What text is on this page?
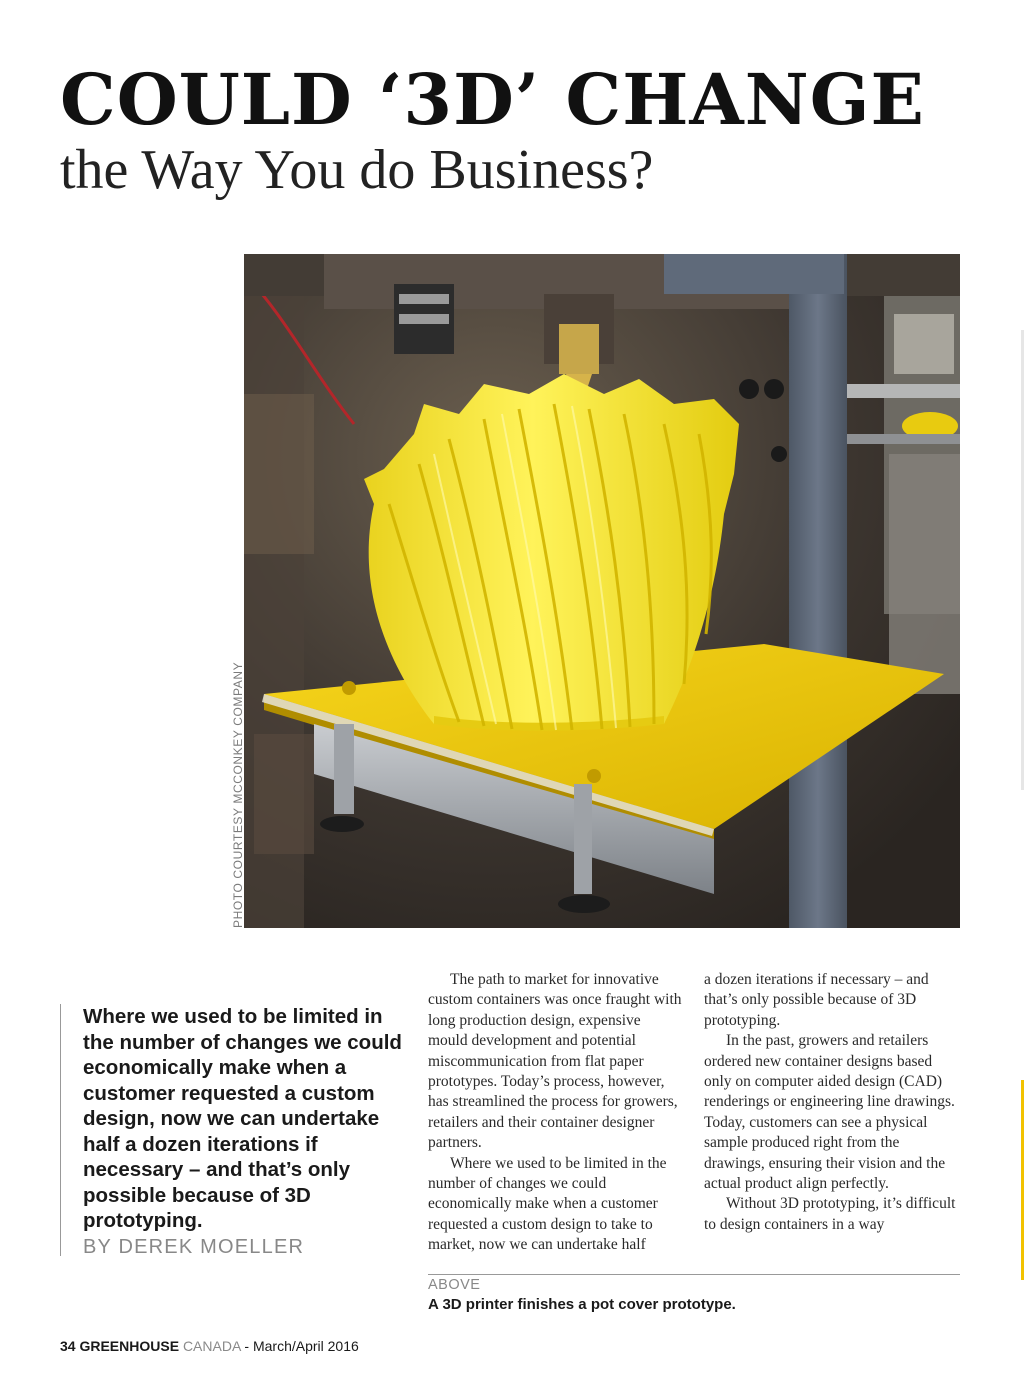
COULD ‘3D’ CHANGE
the Way You do Business?
PHOTO COURTESY MCCONKEY COMPANY

Where we used to be limited in the number of changes we could economically make when a customer requested a custom design, now we can undertake half a dozen iterations if necessary – and that’s only possible because of 3D prototyping.

BY DEREK MOELLER

The path to market for innovative custom containers was once fraught with long production design, expensive mould development and potential miscommunication from flat paper prototypes. Today’s process, however, has streamlined the process for growers, retailers and their container designer partners.

Where we used to be limited in the number of changes we could economically make when a customer requested a custom design to take to market, now we can undertake half

a dozen iterations if necessary – and that’s only possible because of 3D prototyping.

In the past, growers and retailers ordered new container designs based only on computer aided design (CAD) renderings or engineering line drawings. Today, customers can see a physical sample produced right from the drawings, ensuring their vision and the actual product align perfectly.

Without 3D prototyping, it’s difficult to design containers in a way

ABOVE
A 3D printer finishes a pot cover prototype.
34 GREENHOUSE CANADA - March/April 2016
